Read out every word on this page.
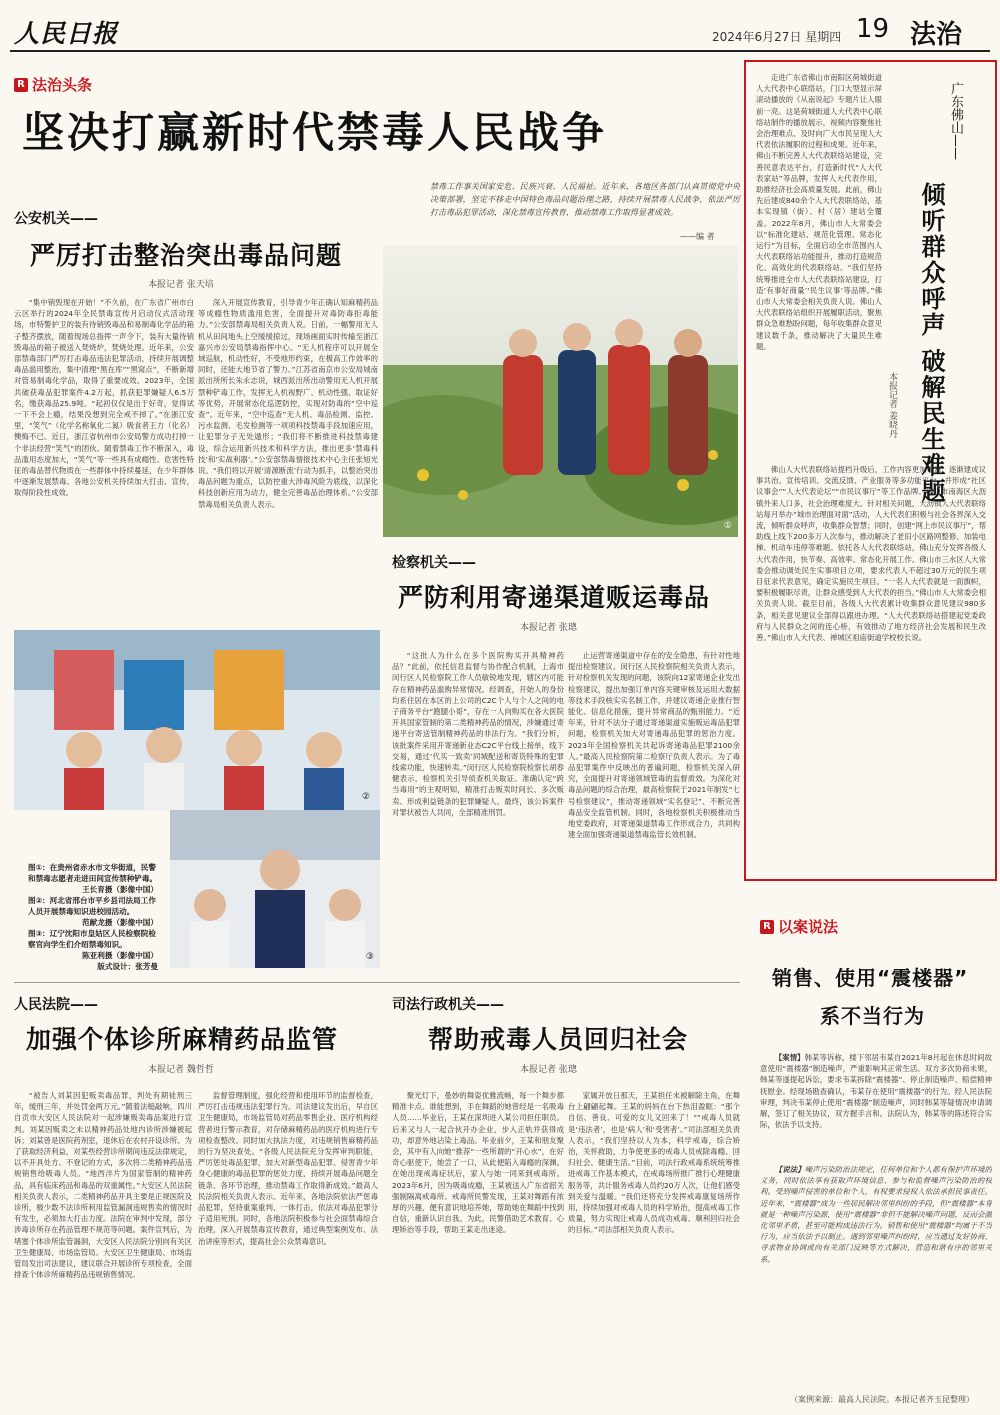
人民日报	2024年6月27日 星期四 19 法治
R 法治头条
坚决打赢新时代禁毒人民战争
禁毒工作事关国家安危、民族兴衰、人民福祉。近年来，各地区各部门认真贯彻党中央决策部署，坚定不移走中国特色毒品问题治理之路，持续开展禁毒人民战争，依法严厉打击毒品犯罪活动，深化禁毒宣传教育，推动禁毒工作取得显著成效。
——编 者
公安机关——
严厉打击整治突出毒品问题
本报记者 张天培

“集中销毁现在开始！”不久前，在广东省广州市白云区举行的2024年全民禁毒宣传月启动仪式活动现场，市特警护卫的装有待销毁毒品和易制毒化学品的箱子整齐摆放，随着现场总指挥一声令下，装有大量待销毁毒品的箱子被送入焚烧炉，焚烧处理。近年来，公安部禁毒部门严厉打击毒品违法犯罪活动，持续开展调整毒品滥用整治，集中清理“黑在库”“黑窝点”，不断新增对管易制毒化学品，取得了重要成效。2023年，全国共破获毒品犯罪案件4.2万起，抓获犯罪嫌疑人6.5万名，缴获毒品25.9吨。“起初仅仅是出于好奇，觉得试一下不会上瘾，结果没想到完全戒不掉了。”在浙江安里，“笑气”（化学名称氧化二氮）吸食者王力（化名）懊悔不已。近日，浙江省杭州市公安局警方成功打掉一个非法经营“笑气”的团伙。随着禁毒工作不断深入，毒品滥用态度加大，“笑气”等一些具有成瘾性、危害性特征的毒品替代物质在一些群体中持续蔓延，在少年群体中逐渐发展禁毒。各地公安机关持续加大打击、宣传，取得阶段性成效。

深入开展宣传教育，引导青少年正确认知麻精药品等成瘾性物质滥用危害，全面提升对毒防毒拒毒能力。”公安部禁毒局相关负责人说。日前，一幅警用无人机从田间地头上空缓缓掠过，现场画面实时传输至浙江嘉兴市公安局禁毒指挥中心。“无人机程序可以开展全域巡航，机动性好，不受地形约束，在极高工作效率的同时，还能大地节省了警力。”江苏省南京市公安局城南派出所所长朱永志说，城西派出所出动警用无人机开展禁种铲毒工作，发挥无人机视野广、机动性强、取证好等优势，开展常态化巡逻防控，实现对防毒的“空中巡查”。近年来，“空中巡查”无人机、毒品检测、监控、污水监测、毛发检测等一项项科技禁毒手段加速应用，让犯罪分子无处遁形；“我们将不断推进科技禁毒建设，综合运用新兴技术和科学方法，推出更多‘禁毒科技’和‘实战利器’。”公安部禁毒情报技术中心主任张旭光说。“我们将以开展‘清源断流’行动为抓手，以整治突出毒品问题为重点，以防控重大涉毒风险为底线，以深化科技创新应用为动力，健全完善毒品治理体系。”公安部禁毒局相关负责人表示。

①
检察机关——
严防利用寄递渠道贩运毒品
本报记者 张璁

“这批人为什么在多个医院购买开具精神药品？”此前，依托信息监督与协作配合机制，上海市闵行区人民检察院工作人员敏锐地发现，辖区内可能存在精神药品滥购异常情况。经调查，开始人的身份均系住居在本区的上公司的C2C个人与个人之间的电子商务平台“跑腿小哥”，存在一人向购买在各大医院开具国家管制的第二类精神药品的情况，涉嫌通过寄递平台寄送管制精神药品的非法行为。“我们分析，该批案件采用开寄递新业态C2C平台线上接单，线下交易，通过‘代买一致卖’同城配送和寄货特殊的犯罪线索功能，快速转卖。”闵行区人民检察院检察长胡春健表示，检察机关引导侦查机关取证、准确认定“跨当毒用”的主观明知，精准打击贩卖时间长、多次贩卖、形成利益链条的犯罪嫌疑人。最终，该公诉案件对罪状被告人共同，全部精准刑罚。

止运营寄递渠道中存在的安全隐患，有针对性地提出检察建议。闵行区人民检察院相关负责人表示，针对检察机关发现的问题，该院向12家寄递企业发出检察建议，提出加强订单内容关键审核及运用大数据等技术手段核实实名制工作，并建议寄递企业推行智能化、信息化措施，提升异常商品的甄别能力。“近年来，针对不法分子通过寄递渠道实施贩运毒品犯罪问题，检察机关加大对寄递毒品犯罪的惩治力度。2023年全国检察机关共起诉寄递毒品犯罪2100余人。”最高人民检察院第二检察厅负责人表示。为了毒品犯罪案件中反映出的普遍问题，检察机关深入研究，全面提升对寄递领域管毒的监督质效。为深化对毒品问题的综合治理，最高检察院于2021年制发“七号检察建议”，推动寄递领域“实名登记”、不断完善毒品安全监管机制。同时，各地检察机关积极推动当地党委政府，对寄递渠道禁毒工作形成合力，共同构建全面加强寄递渠道禁毒监管长效机制。

②
③
图①：在贵州省赤水市文华街道，民警和禁毒志愿者走进田间宣传禁种铲毒。
王长育摄（影像中国）
图②：河北省邢台市平乡县司法局工作人员开展禁毒知识进校园活动。
范献龙摄（影像中国）
图③：辽宁沈阳市皇姑区人民检察院检察官向学生们介绍禁毒知识。
陈亚利摄（影像中国）
版式设计：张芳曼
人民法院——
加强个体诊所麻精药品监管
本报记者 魏哲哲

“被告人刘某因犯贩卖毒品罪，判处有期徒刑三年，缓刑三年，并处罚金两万元。”随着法槌敲响，四川自贡市大安区人民法院对一起涉嫌贩卖毒品案进行宣判。刘某因贩卖之未以精神药品处地内诊所涉嫌被起诉；刘某曾是医院药剂室，退休后在农村开设诊所。为了获取经济利益，对某些经营诊所期间违反法律规定，以不开具处方、不登记的方式，多次将二类精神药品违规销售给吸毒人员。“地西泮片为国家管制的精神药品，具有临床药品和毒品的双重属性。”大安区人民法院相关负责人表示，二类精神药品开具主要是正规医院及诊所，极少数不法诊所利用监管漏洞违规售卖的情况时有发生，必须加大打击力度。法院在审判中发现，部分涉毒诊所存在药品管理不规范等问题。案件宣判后，为堵塞个体诊所监管漏洞，大安区人民法院分别向有关区卫生健康局、市场监管局、大安区卫生健康局、市场监管局发出司法建议，建议联合开展诊所专项检查，全面排查个体诊所麻精药品违规销售情况。

监督管理制度，强化经营和使用环节的监督检查，严厉打击违规违法犯罪行为。司法建议发出后，早自区卫生健康局，市场监管局对药品零售企业、医疗机构经营者进行警示教育，对存储麻精药品的医疗机构进行专项检查整改。同时加大执法力度，对违规销售麻精药品的行为坚决查处。“各级人民法院充分发挥审判职能，严厉惩处毒品犯罪，加大对新型毒品犯罪、侵害青少年身心健康的毒品犯罪的惩处力度，持续开展毒品问题全链条、各环节治理，推动禁毒工作取得新成效。”最高人民法院相关负责人表示。近年来，各地法院依法严惩毒品犯罪，坚持重案重判、一体打击，依法对毒品犯罪分子适用死刑。同时，各地法院积极参与社会面禁毒综合治理，深入开展禁毒宣传教育，通过典型案例发布、法治讲座等形式，提高社会公众禁毒意识。

司法行政机关——
帮助戒毒人员回归社会
本报记者 张璁

聚光灯下，曼妙的舞姿优雅流畅，每一个舞步都精准卡点。谁能想到，手在舞蹈的她曾经是一名吸毒人员……毕业后，王某在深圳进入某公司担任职员。后来又与人一起合伙开办企业，步入正轨并获得成功，却意外地沾染上毒品。毕业前夕，王某和朋友聚会，其中有人向她“推荐”一些所谓的“开心水”，在好奇心驱使下，她尝了一口，从此便陷入毒瘾的深渊。在她出现戒毒症状后，家人与她一同来到戒毒所。2023年6月，因为吸毒成瘾，王某被送入广东省韶关强制隔离戒毒所。戒毒所民警发现，王某对舞蹈有浓厚的兴趣，便有意识地培养她，帮助她在舞蹈中找到自信，重新认识自我。为此，民警借助艺术教育、心理矫治等手段，帮助王某走出迷途。

家属开放日那天，王某担任未被解除主角，在舞台上翩翩起舞。王某的妈妈在台下热泪盈眶：“那个自信、善良、可爱的女儿又回来了！”“戒毒人员就是‘违法者’，也是‘病人’和‘受害者’。”司法部相关负责人表示，“我们坚持以人为本，科学戒毒，综合矫治，关怀救助，力争使更多的戒毒人员戒除毒瘾、回归社会、健康生活。”目前，司法行政戒毒系统统筹推进戒毒工作基本模式，在戒毒场所推广推行心理健康服务等，共计服务戒毒人员约20万人次，让他们感受到关爱与温暖。“我们还将充分发挥戒毒康复场所作用，持续加强对戒毒人员的科学矫治，提高戒毒工作质量，努力实现让戒毒人员成功戒毒、顺利回归社会的目标。”司法部相关负责人表示。

走进广东省佛山市南阳区荷城街道人大代表中心联络站，门口大型显示屏滚动播放的《从南说起》专题片让人眼前一亮。这是荷城街道人大代表中心联络站制作的播放展示，视频内容聚焦社会治理难点、及时向广大市民呈现人大代表依法履职的过程和成果。近年来，佛山不断完善人大代表联络站建设，完善民意表达平台，打造新时代“人大代表家站”等品牌，发挥人大代表作用，助推经济社会高质量发展。此前，佛山先后建成840余个人大代表联络站，基本实现镇（街）、村（居）建站全覆盖。2022年8月，佛山市人大常委会以“标准化建站、规范化管理、常态化运行”为目标，全面启动全市范围内人大代表联络站功能提升，推动打造规范化、高效化的代表联络站。“我们坚持统筹推进全市人大代表联络站建设，打造‘有事好商量’‘民生议事’等品牌。”佛山市人大常委会相关负责人说。佛山人大代表联络站组织开展履职活动，聚焦群众急难愁盼问题，每年收集群众意见建议数千条，推动解决了大量民生难题。

广东佛山——
倾听群众呼声 破解民生难题
本报记者 姜晓丹

佛山人大代表联络站提档升级后，工作内容更加丰富，逐渐建成议事共治、宣传培训、交流反馈、产业服务等多功能平台，并形成“社区议事会”“人大代表论坛”“市民议事厅”等工作品牌。佛山市南海区大沥镇外来人口多，社会治理难度大。针对相关问题，大沥镇人大代表联络站每月举办“城市治理面对面”活动，人大代表们积极与社会各界深入交流，倾听群众呼声，收集群众智慧；同时，创建“网上市民议事厅”，帮助线上线下200多万人次参与，推动解决了老旧小区路网整修、加装电梯、机动车违停等难题。依托各人大代表联络站，佛山充分发挥各级人大代表作用，快节奏、高效率、常态化开展工作。佛山市三水区人大常委会推动调处民生实事项目立项，要求代表人不超过30万元的民生项目征求代表意见，确定实施民生项目。“一名人大代表就是一面旗帜，要积极履职尽责，让群众感受到人大代表的担当。”佛山市人大常委会相关负责人说。截至目前，各级人大代表累计收集群众意见建议980多条，相关意见建议全部得以跟进办理。“人大代表联络站搭建起党委政府与人民群众之间的连心桥，有效推动了地方经济社会发展和民生改善。”佛山市人大代表、禅城区祖庙街道学校校长说。

R 以案说法
销售、使用“震楼器”
系不当行为

【案情】韩某等诉称，楼下邻居韦某自2021年8月起在休息时间故意使用“震楼器”制造噪声，严重影响其正常生活。双方多次协商未果，韩某等遂提起诉讼，要求韦某拆除“震楼器”、停止制造噪声、赔偿精神抚慰金。经现场勘查确认，韦某存在使用“震楼器”的行为。经人民法院审理，判决韦某停止使用“震楼器”制造噪声，同时韩某等疑情况申请调解，签订了相关协议，双方握手言和。法院认为，韩某等的陈述符合实际，依法予以支持。

【说法】噪声污染防治法规定，任何单位和个人都有保护声环境的义务，同时依法享有获取声环境信息、参与和监督噪声污染防治的权利。受到噪声侵害的单位和个人，有权要求侵权人依法承担民事责任。近年来，“震楼器”成为一些居民解决邻里纠纷的手段，但“震楼器”本身就是一种噪声污染源，使用“震楼器”非但不能解决噪声问题，反而会激化邻里矛盾，甚至可能构成违法行为。销售和使用“震楼器”均属于不当行为，应当依法予以制止。遇到邻里噪声纠纷时，应当通过友好协商、寻求物业协调或向有关部门反映等方式解决，营造和谐有序的邻里关系。

（案例来源：最高人民法院。本报记者齐玉昆整理）
